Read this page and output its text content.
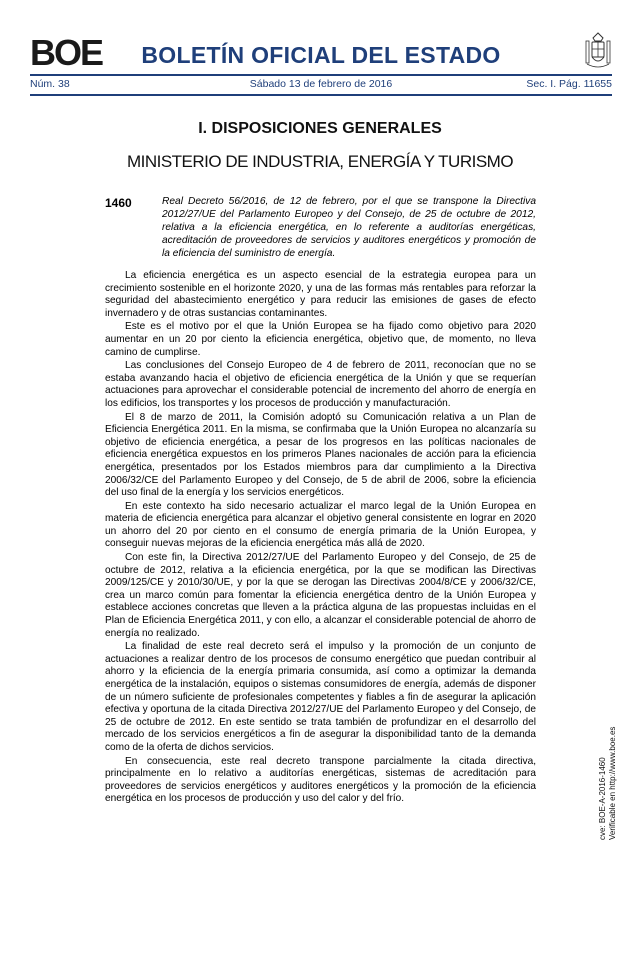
BOE	BOLETÍN OFICIAL DEL ESTADO
Núm. 38	Sábado 13 de febrero de 2016	Sec. I. Pág. 11655
I. DISPOSICIONES GENERALES
MINISTERIO DE INDUSTRIA, ENERGÍA Y TURISMO
1460	Real Decreto 56/2016, de 12 de febrero, por el que se transpone la Directiva 2012/27/UE del Parlamento Europeo y del Consejo, de 25 de octubre de 2012, relativa a la eficiencia energética, en lo referente a auditorías energéticas, acreditación de proveedores de servicios y auditores energéticos y promoción de la eficiencia del suministro de energía.

La eficiencia energética es un aspecto esencial de la estrategia europea para un crecimiento sostenible en el horizonte 2020, y una de las formas más rentables para reforzar la seguridad del abastecimiento energético y para reducir las emisiones de gases de efecto invernadero y de otras sustancias contaminantes.

Este es el motivo por el que la Unión Europea se ha fijado como objetivo para 2020 aumentar en un 20 por ciento la eficiencia energética, objetivo que, de momento, no lleva camino de cumplirse.

Las conclusiones del Consejo Europeo de 4 de febrero de 2011, reconocían que no se estaba avanzando hacia el objetivo de eficiencia energética de la Unión y que se requerían actuaciones para aprovechar el considerable potencial de incremento del ahorro de energía en los edificios, los transportes y los procesos de producción y manufacturación.

El 8 de marzo de 2011, la Comisión adoptó su Comunicación relativa a un Plan de Eficiencia Energética 2011. En la misma, se confirmaba que la Unión Europea no alcanzaría su objetivo de eficiencia energética, a pesar de los progresos en las políticas nacionales de eficiencia energética expuestos en los primeros Planes nacionales de acción para la eficiencia energética, presentados por los Estados miembros para dar cumplimiento a la Directiva 2006/32/CE del Parlamento Europeo y del Consejo, de 5 de abril de 2006, sobre la eficiencia del uso final de la energía y los servicios energéticos.

En este contexto ha sido necesario actualizar el marco legal de la Unión Europea en materia de eficiencia energética para alcanzar el objetivo general consistente en lograr en 2020 un ahorro del 20 por ciento en el consumo de energía primaria de la Unión Europea, y conseguir nuevas mejoras de la eficiencia energética más allá de 2020.

Con este fin, la Directiva 2012/27/UE del Parlamento Europeo y del Consejo, de 25 de octubre de 2012, relativa a la eficiencia energética, por la que se modifican las Directivas 2009/125/CE y 2010/30/UE, y por la que se derogan las Directivas 2004/8/CE y 2006/32/CE, crea un marco común para fomentar la eficiencia energética dentro de la Unión Europea y establece acciones concretas que lleven a la práctica alguna de las propuestas incluidas en el Plan de Eficiencia Energética 2011, y con ello, a alcanzar el considerable potencial de ahorro de energía no realizado.

La finalidad de este real decreto será el impulso y la promoción de un conjunto de actuaciones a realizar dentro de los procesos de consumo energético que puedan contribuir al ahorro y la eficiencia de la energía primaria consumida, así como a optimizar la demanda energética de la instalación, equipos o sistemas consumidores de energía, además de disponer de un número suficiente de profesionales competentes y fiables a fin de asegurar la aplicación efectiva y oportuna de la citada Directiva 2012/27/UE del Parlamento Europeo y del Consejo, de 25 de octubre de 2012. En este sentido se trata también de profundizar en el desarrollo del mercado de los servicios energéticos a fin de asegurar la disponibilidad tanto de la demanda como de la oferta de dichos servicios.

En consecuencia, este real decreto transpone parcialmente la citada directiva, principalmente en lo relativo a auditorías energéticas, sistemas de acreditación para proveedores de servicios energéticos y auditores energéticos y la promoción de la eficiencia energética en los procesos de producción y uso del calor y del frío.	cve: BOE-A-2016-1460 Verificable en http://www.boe.es
